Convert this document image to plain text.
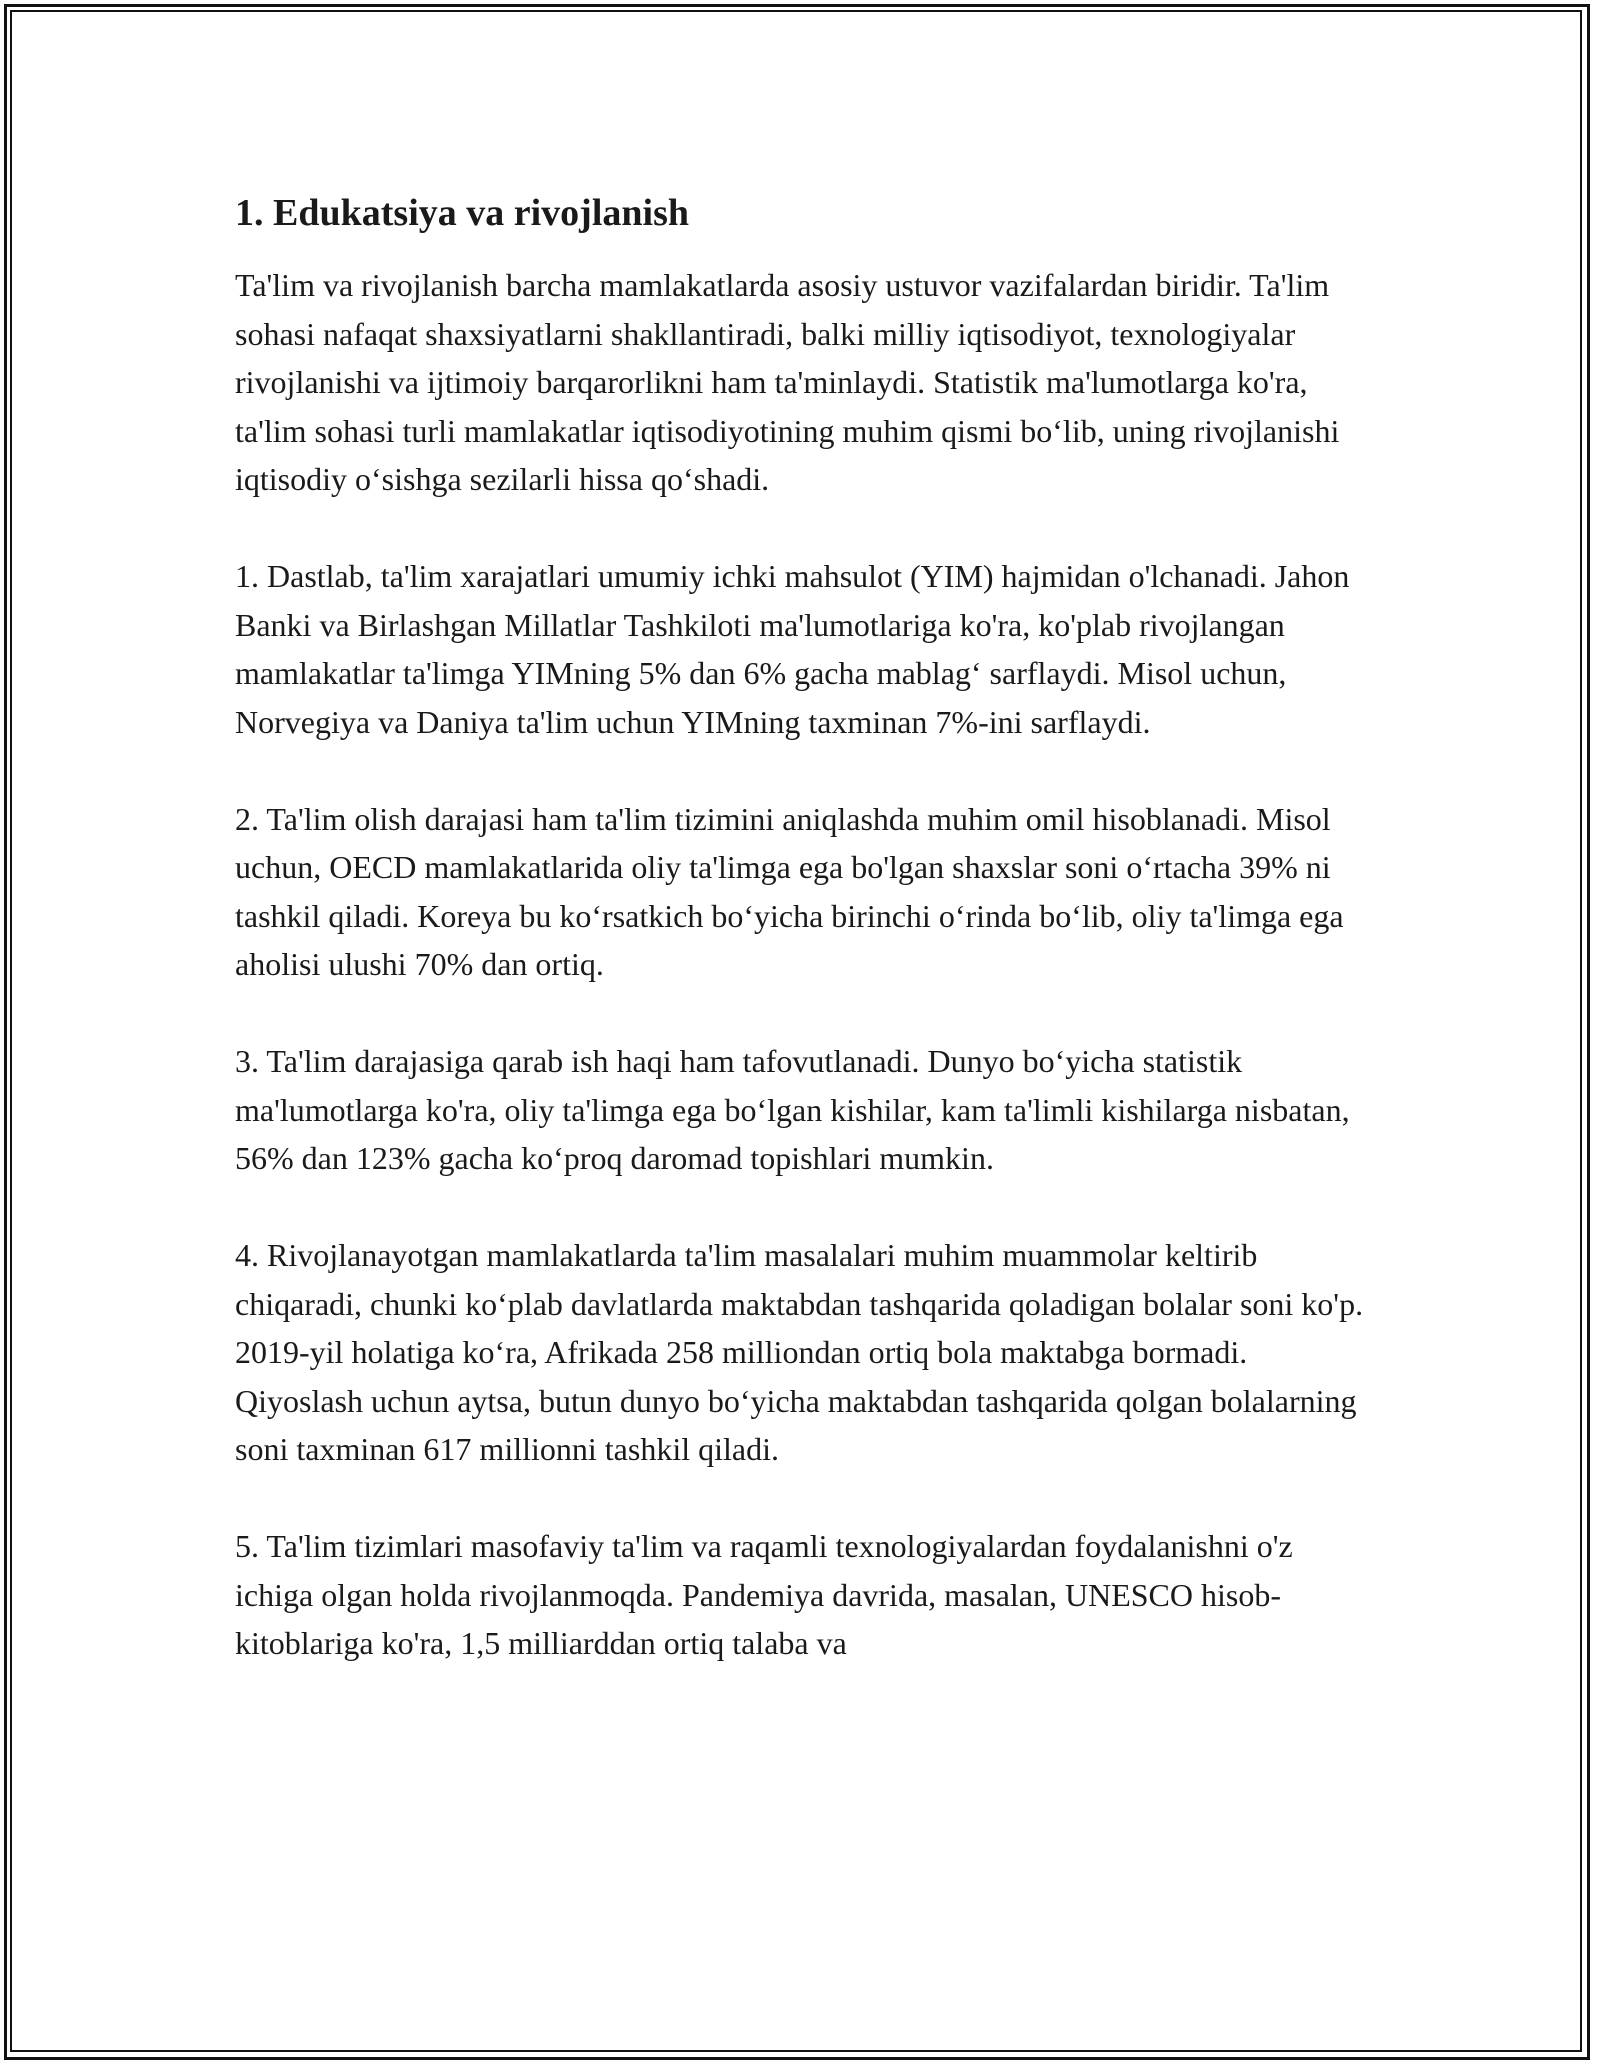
1. Edukatsiya va rivojlanish

Ta'lim va rivojlanish barcha mamlakatlarda asosiy ustuvor vazifalardan biridir. Ta'lim sohasi nafaqat shaxsiyatlarni shakllantiradi, balki milliy iqtisodiyot, texnologiyalar rivojlanishi va ijtimoiy barqarorlikni ham ta'minlaydi. Statistik ma'lumotlarga ko'ra, ta'lim sohasi turli mamlakatlar iqtisodiyotining muhim qismi boʻlib, uning rivojlanishi iqtisodiy oʻsishga sezilarli hissa qoʻshadi.

1. Dastlab, ta'lim xarajatlari umumiy ichki mahsulot (YIM) hajmidan o'lchanadi. Jahon Banki va Birlashgan Millatlar Tashkiloti ma'lumotlariga ko'ra, ko'plab rivojlangan mamlakatlar ta'limga YIMning 5% dan 6% gacha mablagʻ sarflaydi. Misol uchun, Norvegiya va Daniya ta'lim uchun YIMning taxminan 7%-ini sarflaydi.

2. Ta'lim olish darajasi ham ta'lim tizimini aniqlashda muhim omil hisoblanadi. Misol uchun, OECD mamlakatlarida oliy ta'limga ega bo'lgan shaxslar soni oʻrtacha 39% ni tashkil qiladi. Koreya bu koʻrsatkich boʻyicha birinchi oʻrinda boʻlib, oliy ta'limga ega aholisi ulushi 70% dan ortiq.

3. Ta'lim darajasiga qarab ish haqi ham tafovutlanadi. Dunyo boʻyicha statistik ma'lumotlarga ko'ra, oliy ta'limga ega boʻlgan kishilar, kam ta'limli kishilarga nisbatan, 56% dan 123% gacha koʻproq daromad topishlari mumkin.

4. Rivojlanayotgan mamlakatlarda ta'lim masalalari muhim muammolar keltirib chiqaradi, chunki koʻplab davlatlarda maktabdan tashqarida qoladigan bolalar soni ko'p. 2019-yil holatiga koʻra, Afrikada 258 milliondan ortiq bola maktabga bormadi. Qiyoslash uchun aytsa, butun dunyo boʻyicha maktabdan tashqarida qolgan bolalarning soni taxminan 617 millionni tashkil qiladi.

5. Ta'lim tizimlari masofaviy ta'lim va raqamli texnologiyalardan foydalanishni o'z ichiga olgan holda rivojlanmoqda. Pandemiya davrida, masalan, UNESCO hisob-kitoblariga ko'ra, 1,5 milliarddan ortiq talaba va
